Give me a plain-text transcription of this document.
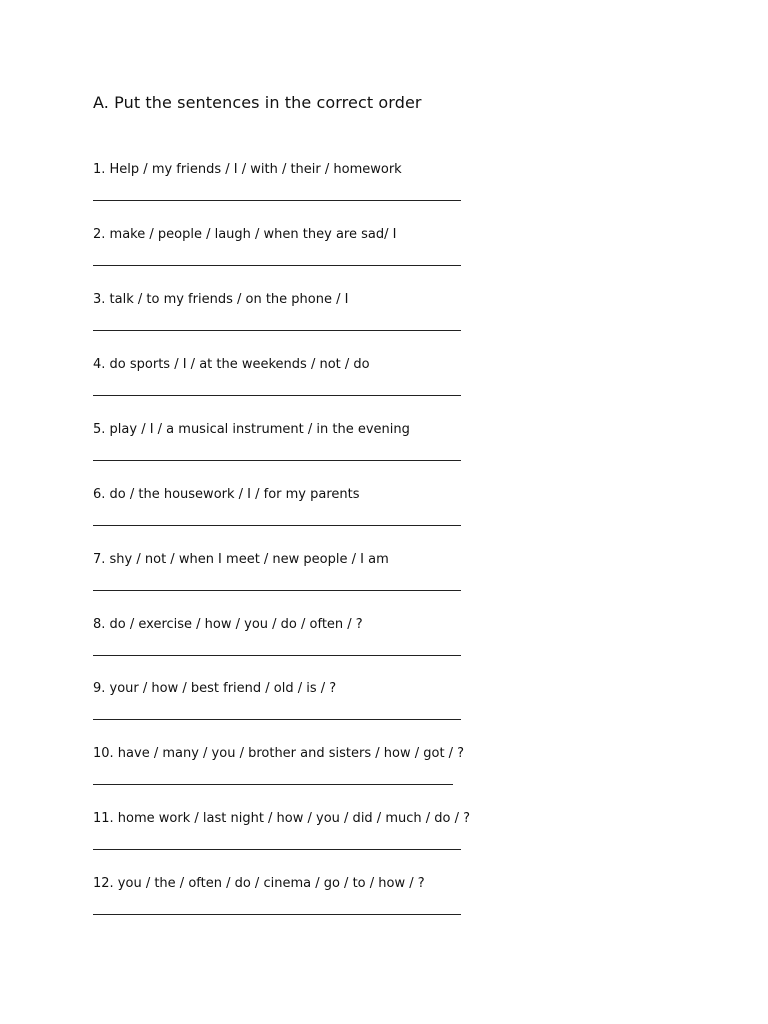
A. Put the sentences in the correct order
1. Help / my friends / I / with / their / homework
2. make / people / laugh / when they are sad/ I
3. talk / to my friends / on the phone / I
4. do sports / I / at the weekends / not / do
5. play / I / a musical instrument / in the evening
6. do / the housework / I / for my parents
7. shy / not / when I meet / new people / I am
8. do / exercise / how / you / do / often / ?
9. your / how / best friend / old / is / ?
10. have / many / you / brother and sisters / how / got / ?
11. home work / last night / how / you / did / much / do / ?
12. you / the / often / do / cinema / go / to / how / ?
